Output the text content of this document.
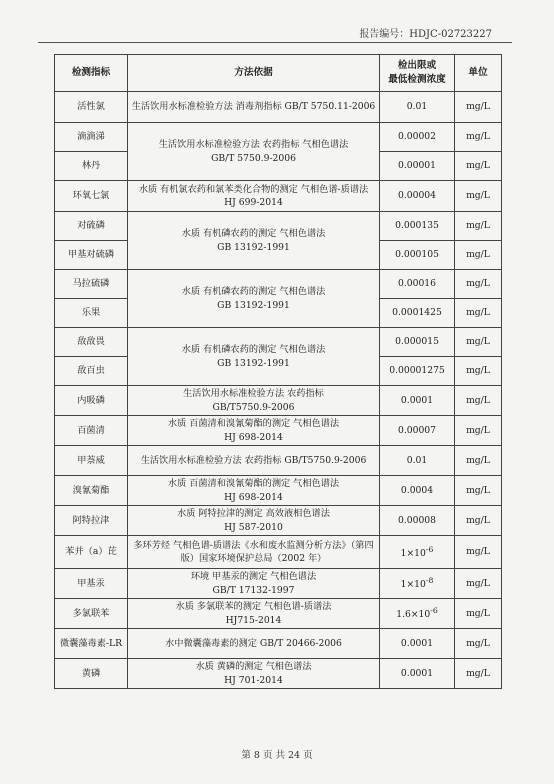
报告编号：HDJC-02723227
检测指标	方法依据	检出限或
最低检测浓度	单位
活性氯	生活饮用水标准检验方法 消毒剂指标 GB/T 5750.11-2006	0.01	mg/L
滴滴涕	生活饮用水标准检验方法 农药指标 气相色谱法
GB/T 5750.9-2006	0.00002	mg/L
林丹		0.00001	mg/L
环氧七氯	水质 有机氯农药和氯苯类化合物的测定 气相色谱-质谱法
HJ 699-2014	0.00004	mg/L
对硫磷	水质 有机磷农药的测定 气相色谱法
GB 13192-1991	0.000135	mg/L
甲基对硫磷		0.000105	mg/L
马拉硫磷	水质 有机磷农药的测定 气相色谱法
GB 13192-1991	0.00016	mg/L
乐果		0.0001425	mg/L
敌敌畏	水质 有机磷农药的测定 气相色谱法
GB 13192-1991	0.000015	mg/L
敌百虫		0.00001275	mg/L
内吸磷	生活饮用水标准检验方法 农药指标
GB/T5750.9-2006	0.0001	mg/L
百菌清	水质 百菌清和溴氰菊酯的测定 气相色谱法
HJ 698-2014	0.00007	mg/L
甲萘威	生活饮用水标准检验方法 农药指标 GB/T5750.9-2006	0.01	mg/L
溴氰菊酯	水质 百菌清和溴氰菊酯的测定 气相色谱法
HJ 698-2014	0.0004	mg/L
阿特拉津	水质 阿特拉津的测定 高效液相色谱法
HJ 587-2010	0.00008	mg/L
苯并（a）芘	多环芳烃 气相色谱-质谱法《水和废水监测分析方法》（第四版）国家环境保护总局（2002 年）	$1\times 10^{-6}$	mg/L
甲基汞	环境 甲基汞的测定 气相色谱法
GB/T 17132-1997	$1\times 10^{-8}$	mg/L
多氯联苯	水质 多氯联苯的测定 气相色谱-质谱法
HJ715-2014	$1.6\times 10^{-6}$	mg/L
微囊藻毒素-LR	水中微囊藻毒素的测定 GB/T 20466-2006	0.0001	mg/L
黄磷	水质 黄磷的测定 气相色谱法
HJ 701-2014	0.0001	mg/L
第 8 页 共 24 页
